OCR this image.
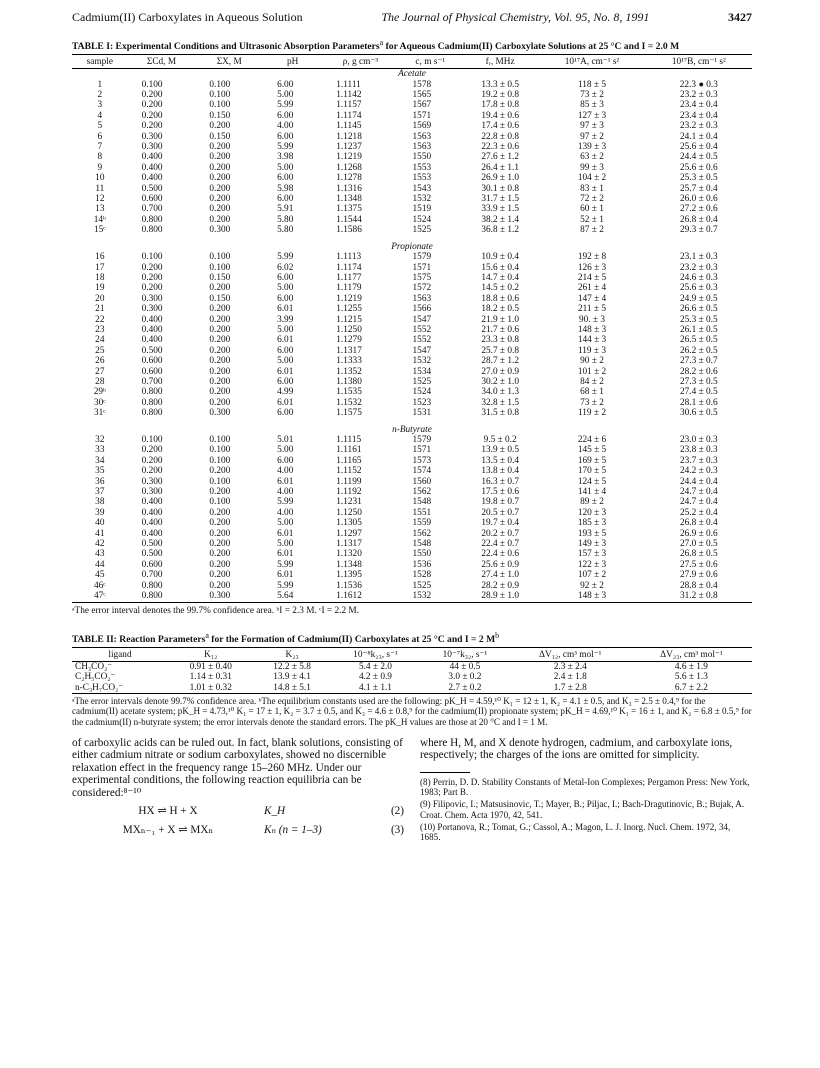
Cadmium(II) Carboxylates in Aqueous Solution	The Journal of Physical Chemistry, Vol. 95, No. 8, 1991	3427
TABLE I: Experimental Conditions and Ultrasonic Absorption Parameters$^a$ for Aqueous Cadmium(II) Carboxylate Solutions at 25 °C and I = 2.0 M
sample	ΣCd, M	ΣX, M	pH	ρ, g cm⁻³	c, m s⁻¹	fᵣ, MHz	10¹⁷A, cm⁻¹ s²	10¹⁷B, cm⁻¹ s²
Acetate								
1	0.100	0.100	6.00	1.1111	1578	13.3 ± 0.5	118 ± 5	22.3 ● 0.3
2	0.200	0.100	5.00	1.1142	1565	19.2 ± 0.8	73 ± 2	23.2 ± 0.3
3	0.200	0.100	5.99	1.1157	1567	17.8 ± 0.8	85 ± 3	23.4 ± 0.4
4	0.200	0.150	6.00	1.1174	1571	19.4 ± 0.6	127 ± 3	23.4 ± 0.4
5	0.200	0.200	4.00	1.1145	1569	17.4 ± 0.6	97 ± 3	23.2 ± 0.3
6	0.300	0.150	6.00	1.1218	1563	22.8 ± 0.8	97 ± 2	24.1 ± 0.4
7	0.300	0.200	5.99	1.1237	1563	22.3 ± 0.6	139 ± 3	25.6 ± 0.4
8	0.400	0.200	3.98	1.1219	1550	27.6 ± 1.2	63 ± 2	24.4 ± 0.5
9	0.400	0.200	5.00	1.1268	1553	26.4 ± 1.1	99 ± 3	25.6 ± 0.6
10	0.400	0.200	6.00	1.1278	1553	26.9 ± 1.0	104 ± 2	25.3 ± 0.5
11	0.500	0.200	5.98	1.1316	1543	30.1 ± 0.8	83 ± 1	25.7 ± 0.4
12	0.600	0.200	6.00	1.1348	1532	31.7 ± 1.5	72 ± 2	26.0 ± 0.6
13	0.700	0.200	5.91	1.1375	1519	33.9 ± 1.5	60 ± 1	27.2 ± 0.6
14ᵇ	0.800	0.200	5.80	1.1544	1524	38.2 ± 1.4	52 ± 1	26.8 ± 0.4
15ᶜ	0.800	0.300	5.80	1.1586	1525	36.8 ± 1.2	87 ± 2	29.3 ± 0.7

Propionate								
16	0.100	0.100	5.99	1.1113	1579	10.9 ± 0.4	192 ± 8	23.1 ± 0.3
17	0.200	0.100	6.02	1.1174	1571	15.6 ± 0.4	126 ± 3	23.2 ± 0.3
18	0.200	0.150	6.00	1.1177	1575	14.7 ± 0.4	214 ± 5	24.6 ± 0.3
19	0.200	0.200	5.00	1.1179	1572	14.5 ± 0.2	261 ± 4	25.6 ± 0.3
20	0.300	0.150	6.00	1.1219	1563	18.8 ± 0.6	147 ± 4	24.9 ± 0.5
21	0.300	0.200	6.01	1.1255	1566	18.2 ± 0.5	211 ± 5	26.6 ± 0.5
22	0.400	0.200	3.99	1.1215	1547	21.9 ± 1.0	90. ± 3	25.3 ± 0.5
23	0.400	0.200	5.00	1.1250	1552	21.7 ± 0.6	148 ± 3	26.1 ± 0.5
24	0.400	0.200	6.01	1.1279	1552	23.3 ± 0.8	144 ± 3	26.5 ± 0.5
25	0.500	0.200	6.00	1.1317	1547	25.7 ± 0.8	119 ± 3	26.2 ± 0.5
26	0.600	0.200	5.00	1.1333	1532	28.7 ± 1.2	90 ± 2	27.3 ± 0.7
27	0.600	0.200	6.01	1.1352	1534	27.0 ± 0.9	101 ± 2	28.2 ± 0.6
28	0.700	0.200	6.00	1.1380	1525	30.2 ± 1.0	84 ± 2	27.3 ± 0.5
29ᵇ	0.800	0.200	4.99	1.1535	1524	34.0 ± 1.3	68 ± 1	27.4 ± 0.5
30ᶜ	0.800	0.200	6.01	1.1532	1523	32.8 ± 1.5	73 ± 2	28.1 ± 0.6
31ᶜ	0.800	0.300	6.00	1.1575	1531	31.5 ± 0.8	119 ± 2	30.6 ± 0.5

n-Butyrate								
32	0.100	0.100	5.01	1.1115	1579	9.5 ± 0.2	224 ± 6	23.0 ± 0.3
33	0.200	0.100	5.00	1.1161	1571	13.9 ± 0.5	145 ± 5	23.8 ± 0.3
34	0.200	0.100	6.00	1.1165	1573	13.5 ± 0.4	169 ± 5	23.7 ± 0.3
35	0.200	0.200	4.00	1.1152	1574	13.8 ± 0.4	170 ± 5	24.2 ± 0.3
36	0.300	0.100	6.01	1.1199	1560	16.3 ± 0.7	124 ± 5	24.4 ± 0.4
37	0.300	0.200	4.00	1.1192	1562	17.5 ± 0.6	141 ± 4	24.7 ± 0.4
38	0.400	0.100	5.99	1.1231	1548	19.8 ± 0.7	89 ± 2	24.7 ± 0.4
39	0.400	0.200	4.00	1.1250	1551	20.5 ± 0.7	120 ± 3	25.2 ± 0.4
40	0.400	0.200	5.00	1.1305	1559	19.7 ± 0.4	185 ± 3	26.8 ± 0.4
41	0.400	0.200	6.01	1.1297	1562	20.2 ± 0.7	193 ± 5	26.9 ± 0.6
42	0.500	0.200	5.00	1.1317	1548	22.4 ± 0.7	149 ± 3	27.0 ± 0.5
43	0.500	0.200	6.01	1.1320	1550	22.4 ± 0.6	157 ± 3	26.8 ± 0.5
44	0.600	0.200	5.99	1.1348	1536	25.6 ± 0.9	122 ± 3	27.5 ± 0.6
45	0.700	0.200	6.01	1.1395	1528	27.4 ± 1.0	107 ± 2	27.9 ± 0.6
46ᶜ	0.800	0.200	5.99	1.1536	1525	28.2 ± 0.9	92 ± 2	28.8 ± 0.4
47ᶜ	0.800	0.300	5.64	1.1612	1532	28.9 ± 1.0	148 ± 3	31.2 ± 0.8
ᵃThe error interval denotes the 99.7% confidence area. ᵇI = 2.3 M. ᶜI = 2.2 M.
TABLE II: Reaction Parameters$^a$ for the Formation of Cadmium(II) Carboxylates at 25 °C and I = 2 $M^b$
ligand	K₁₂	K₂₃	10⁻⁸k₂₃, s⁻¹	10⁻⁷k₃₂, s⁻¹	ΔV₁₂, cm³ mol⁻¹	ΔV₂₃, cm³ mol⁻¹
CH₃CO₂⁻	0.91 ± 0.40	12.2 ± 5.8	5.4 ± 2.0	44 ± 0.5	2.3 ± 2.4	4.6 ± 1.9
C₂H₅CO₂⁻	1.14 ± 0.31	13.9 ± 4.1	4.2 ± 0.9	3.0 ± 0.2	2.4 ± 1.8	5.6 ± 1.3
n-C₃H₇CO₂⁻	1.01 ± 0.32	14.8 ± 5.1	4.1 ± 1.1	2.7 ± 0.2	1.7 ± 2.8	6.7 ± 2.2
ᵃThe error intervals denote 99.7% confidence area. ᵇThe equilibrium constants used are the following: pK_H = 4.59,¹⁰ K₁ = 12 ± 1, K₂ = 4.1 ± 0.5, and K₃ = 2.5 ± 0.4,⁹ for the cadmium(II) acetate system; pK_H = 4.73,¹⁰ K₁ = 17 ± 1, K₂ = 3.7 ± 0.5, and K₃ = 4.6 ± 0.8,⁹ for the cadmium(II) propionate system; pK_H = 4.69,¹⁰ K₁ = 16 ± 1, and K₂ = 6.8 ± 0.5,⁹ for the cadmium(II) n-butyrate system; the error intervals denote the standard errors. The pK_H values are those at 20 °C and I = 1 M.
of carboxylic acids can be ruled out. In fact, blank solutions, consisting of either cadmium nitrate or sodium carboxylates, showed no discernible relaxation effect in the frequency range 15–260 MHz. Under our experimental conditions, the following reaction equilibria can be considered:⁸⁻¹⁰
HX ⇌ H + X	K_H	(2)
MXₙ₋₁ + X ⇌ MXₙ	Kₙ (n = 1–3)	(3)
where H, M, and X denote hydrogen, cadmium, and carboxylate ions, respectively; the charges of the ions are omitted for simplicity.
(8) Perrin, D. D. Stability Constants of Metal-Ion Complexes; Pergamon Press: New York, 1983; Part B.
(9) Filipovic, I.; Matsusinovic, T.; Mayer, B.; Piljac, I.; Bach-Dragutinovic, B.; Bujak, A. Croat. Chem. Acta 1970, 42, 541.
(10) Portanova, R.; Tomat, G.; Cassol, A.; Magon, L. J. Inorg. Nucl. Chem. 1972, 34, 1685.
